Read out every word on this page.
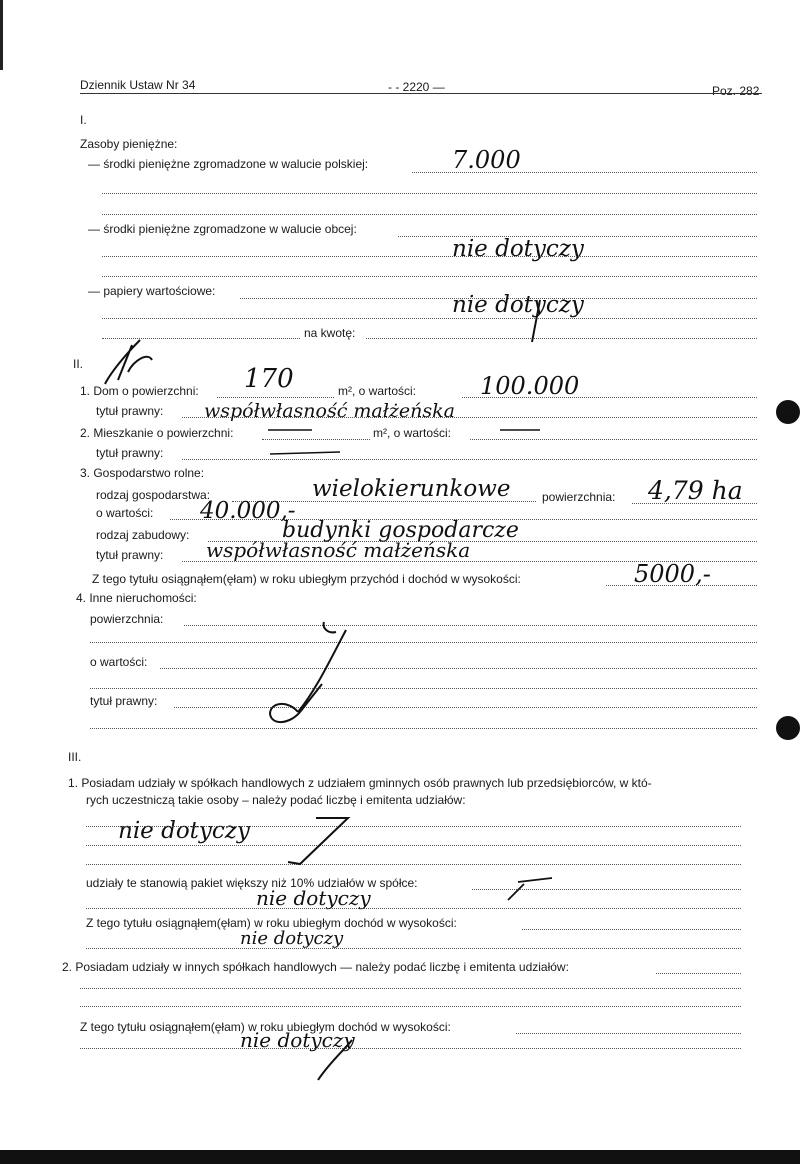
Dziennik Ustaw Nr 34	- - 2220 —	Poz. 282
I.
Zasoby pieniężne:
— środki pieniężne zgromadzone w walucie polskiej:	7.000
— środki pieniężne zgromadzone w walucie obcej:
nie dotyczy
— papiery wartościowe:
nie dotyczy
na kwotę:
II.
1. Dom o powierzchni: 170	m², o wartości:	100.000
tytuł prawny: współwłasność małżeńska
2. Mieszkanie o powierzchni:	m², o wartości:
tytuł prawny:
3. Gospodarstwo rolne:
rodzaj gospodarstwa:	wielokierunkowe	powierzchnia: 4,79 ha
o wartości: 40.000,-
rodzaj zabudowy:	budynki gospodarcze
tytuł prawny: współwłasność małżeńska
Z tego tytułu osiągnąłem(ęłam) w roku ubiegłym przychód i dochód w wysokości:	5000,-
4. Inne nieruchomości:
powierzchnia:
o wartości:
tytuł prawny:
III.
1. Posiadam udziały w spółkach handlowych z udziałem gminnych osób prawnych lub przedsiębiorców, w któ-
rych uczestniczą takie osoby – należy podać liczbę i emitenta udziałów:
nie dotyczy
udziały te stanowią pakiet większy niż 10% udziałów w spółce:
nie dotyczy
Z tego tytułu osiągnąłem(ęłam) w roku ubiegłym dochód w wysokości:
nie dotyczy
2. Posiadam udziały w innych spółkach handlowych — należy podać liczbę i emitenta udziałów:
Z tego tytułu osiągnąłem(ęłam) w roku ubiegłym dochód w wysokości:
nie dotyczy
